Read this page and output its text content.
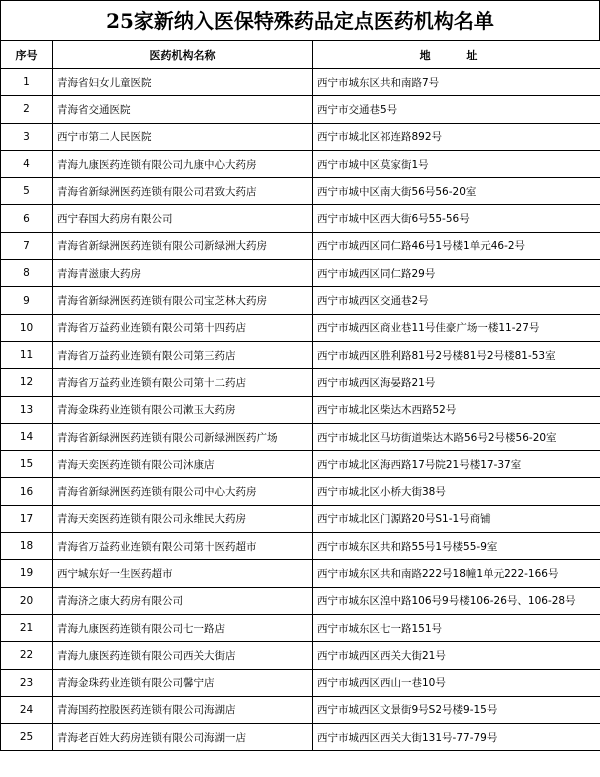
25家新纳入医保特殊药品定点医药机构名单
序号	医药机构名称	地 址
1	青海省妇女儿童医院	西宁市城东区共和南路7号
2	青海省交通医院	西宁市交通巷5号
3	西宁市第二人民医院	西宁市城北区祁连路892号
4	青海九康医药连锁有限公司九康中心大药房	西宁市城中区莫家街1号
5	青海省新绿洲医药连锁有限公司君致大药店	西宁市城中区南大街56号56-20室
6	西宁春国大药房有限公司	西宁市城中区西大街6号55-56号
7	青海省新绿洲医药连锁有限公司新绿洲大药房	西宁市城西区同仁路46号1号楼1单元46-2号
8	青海青滋康大药房	西宁市城西区同仁路29号
9	青海省新绿洲医药连锁有限公司宝芝林大药房	西宁市城西区交通巷2号
10	青海省万益药业连锁有限公司第十四药店	西宁市城西区商业巷11号佳豪广场一楼11-27号
11	青海省万益药业连锁有限公司第三药店	西宁市城西区胜利路81号2号楼81号2号楼81-53室
12	青海省万益药业连锁有限公司第十二药店	西宁市城西区海晏路21号
13	青海金珠药业连锁有限公司漱玉大药房	西宁市城北区柴达木西路52号
14	青海省新绿洲医药连锁有限公司新绿洲医药广场	西宁市城北区马坊街道柴达木路56号2号楼56-20室
15	青海天奕医药连锁有限公司沐康店	西宁市城北区海西路17号院21号楼17-37室
16	青海省新绿洲医药连锁有限公司中心大药房	西宁市城北区小桥大街38号
17	青海天奕医药连锁有限公司永维民大药房	西宁市城北区门源路20号S1-1号商铺
18	青海省万益药业连锁有限公司第十医药超市	西宁市城东区共和路55号1号楼55-9室
19	西宁城东好一生医药超市	西宁市城东区共和南路222号18幢1单元222-166号
20	青海济之康大药房有限公司	西宁市城东区湟中路106号9号楼106-26号、106-28号
21	青海九康医药连锁有限公司七一路店	西宁市城东区七一路151号
22	青海九康医药连锁有限公司西关大街店	西宁市城西区西关大街21号
23	青海金珠药业连锁有限公司馨宁店	西宁市城西区西山一巷10号
24	青海国药控股医药连锁有限公司海湖店	西宁市城西区文景街9号S2号楼9-15号
25	青海老百姓大药房连锁有限公司海湖一店	西宁市城西区西关大街131号-77-79号
